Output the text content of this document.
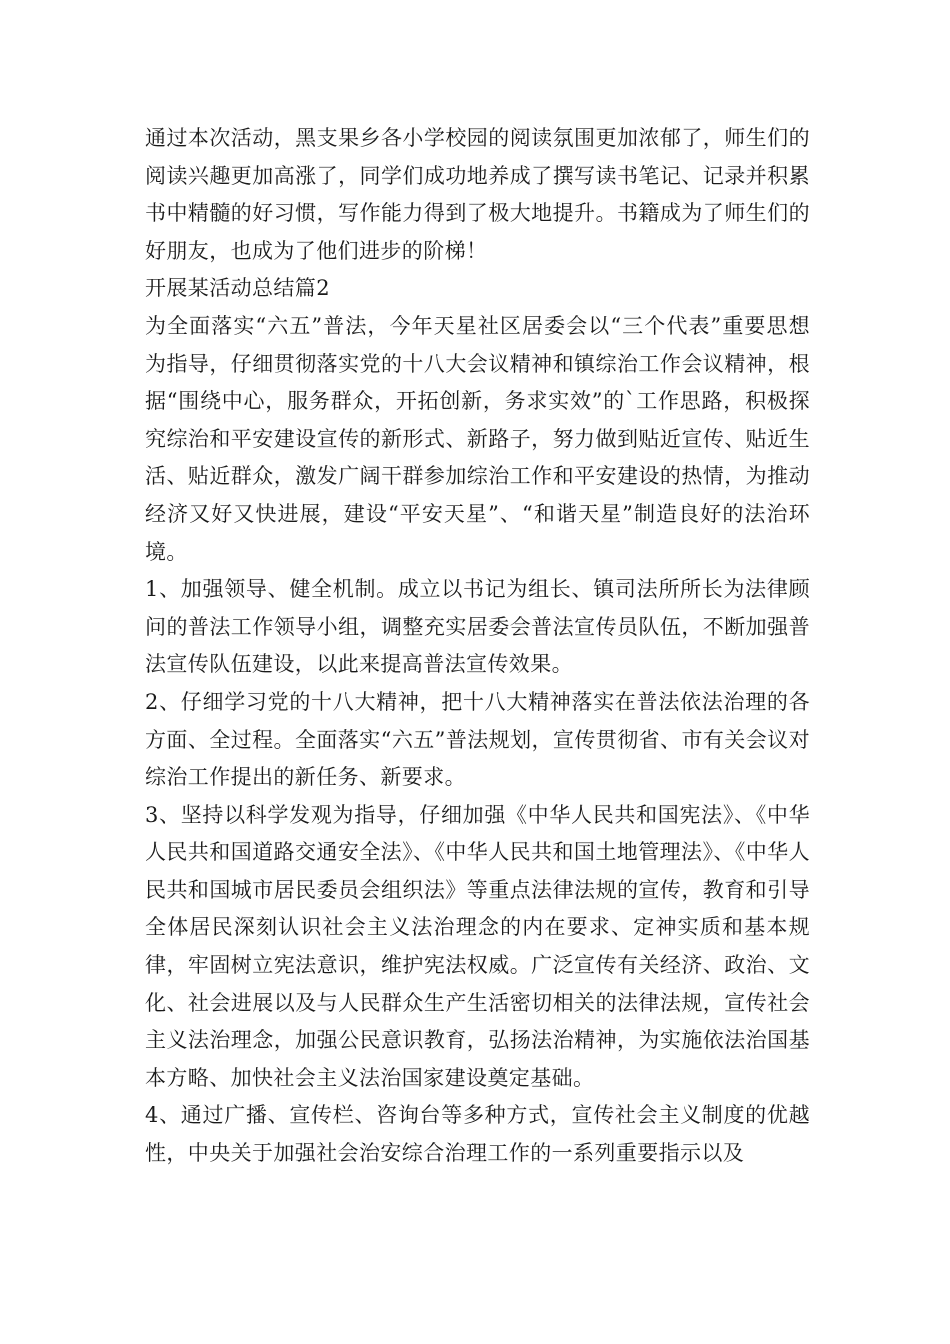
通过本次活动，黑支果乡各小学校园的阅读氛围更加浓郁了，师生们的阅读兴趣更加高涨了，同学们成功地养成了撰写读书笔记、记录并积累书中精髓的好习惯，写作能力得到了极大地提升。书籍成为了师生们的好朋友，也成为了他们进步的阶梯！

开展某活动总结篇2

为全面落实“六五”普法，今年天星社区居委会以“三个代表”重要思想为指导，仔细贯彻落实党的十八大会议精神和镇综治工作会议精神，根据“围绕中心，服务群众，开拓创新，务求实效”的`工作思路，积极探究综治和平安建设宣传的新形式、新路子，努力做到贴近宣传、贴近生活、贴近群众，激发广阔干群参加综治工作和平安建设的热情，为推动经济又好又快进展，建设“平安天星”、“和谐天星”制造良好的法治环境。

1、加强领导、健全机制。成立以书记为组长、镇司法所所长为法律顾问的普法工作领导小组，调整充实居委会普法宣传员队伍，不断加强普法宣传队伍建设，以此来提高普法宣传效果。

2、仔细学习党的十八大精神，把十八大精神落实在普法依法治理的各方面、全过程。全面落实“六五”普法规划，宣传贯彻省、市有关会议对综治工作提出的新任务、新要求。

3、坚持以科学发观为指导，仔细加强《中华人民共和国宪法》、《中华人民共和国道路交通安全法》、《中华人民共和国土地管理法》、《中华人民共和国城市居民委员会组织法》等重点法律法规的宣传，教育和引导全体居民深刻认识社会主义法治理念的内在要求、定神实质和基本规律，牢固树立宪法意识，维护宪法权威。广泛宣传有关经济、政治、文化、社会进展以及与人民群众生产生活密切相关的法律法规，宣传社会主义法治理念，加强公民意识教育，弘扬法治精神，为实施依法治国基本方略、加快社会主义法治国家建设奠定基础。

4、通过广播、宣传栏、咨询台等多种方式，宣传社会主义制度的优越性，中央关于加强社会治安综合治理工作的一系列重要指示以及
